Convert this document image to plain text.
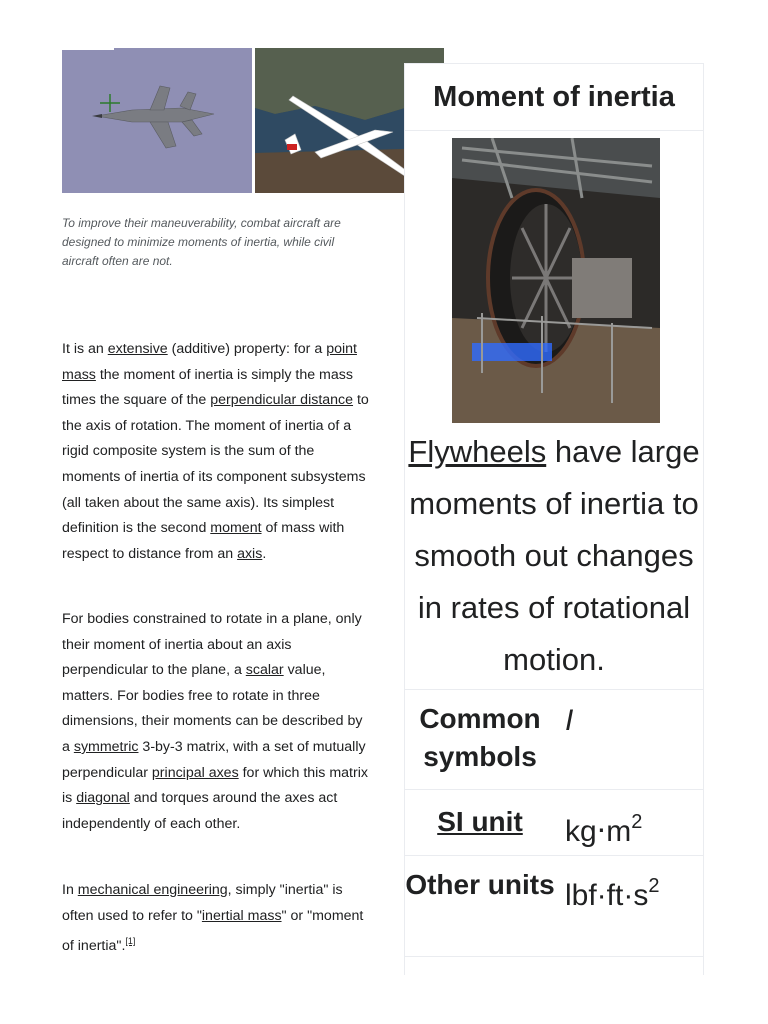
To improve their maneuverability, combat aircraft are designed to minimize moments of inertia, while civil aircraft often are not.
It is an extensive (additive) property: for a point mass the moment of inertia is simply the mass times the square of the perpendicular distance to the axis of rotation. The moment of inertia of a rigid composite system is the sum of the moments of inertia of its component subsystems (all taken about the same axis). Its simplest definition is the second moment of mass with respect to distance from an axis.
For bodies constrained to rotate in a plane, only their moment of inertia about an axis perpendicular to the plane, a scalar value, matters. For bodies free to rotate in three dimensions, their moments can be described by a symmetric 3-by-3 matrix, with a set of mutually perpendicular principal axes for which this matrix is diagonal and torques around the axes act independently of each other.
In mechanical engineering, simply "inertia" is often used to refer to "inertial mass" or "moment of inertia".[1]
Moment of inertia
Flywheels have large moments of inertia to smooth out changes in rates of rotational motion.
Common symbols
I
SI unit	$kg\cdot m^2$
Other units $lbf\cdot ft\cdot s^2$
